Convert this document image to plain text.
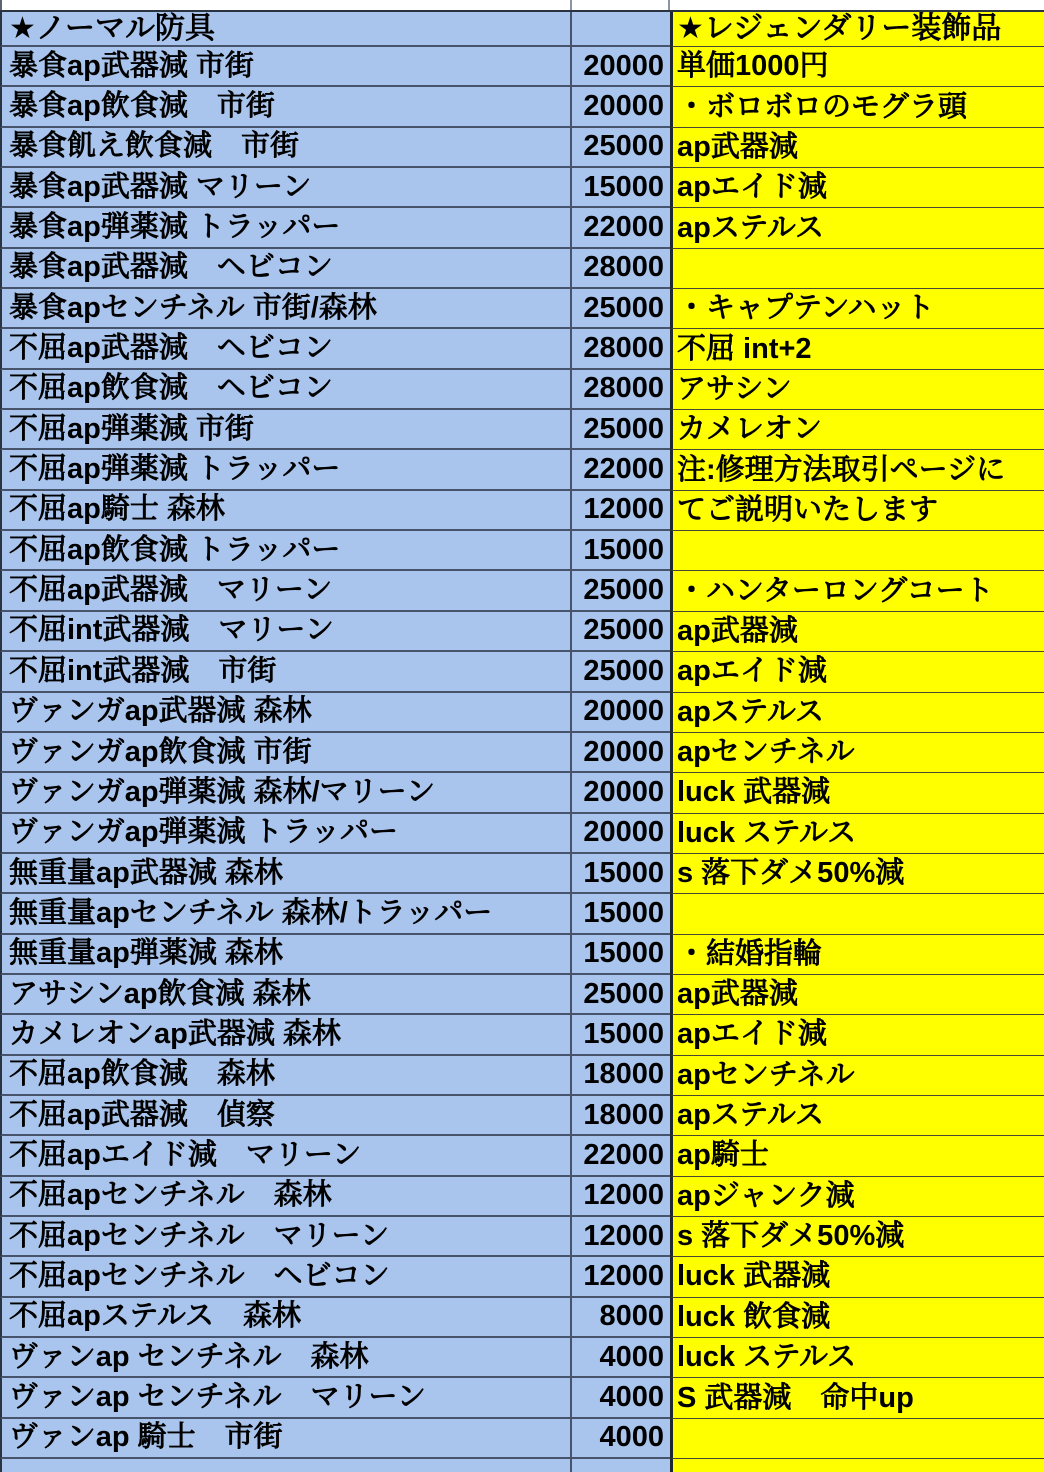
★ノーマル防具	★レジェンダリー装飾品
暴食ap武器減 市街	20000 単価1000円
暴食ap飲食減　市街	20000 ・ボロボロのモグラ頭
暴食飢え飲食減　市街	25000 ap武器減
暴食ap武器減 マリーン	15000 apエイド減
暴食ap弾薬減 トラッパー	22000 apステルス
暴食ap武器減　ヘビコン	28000
暴食apセンチネル 市街/森林	25000 ・キャプテンハット
不屈ap武器減　ヘビコン	28000 不屈 int+2
不屈ap飲食減　ヘビコン	28000 アサシン
不屈ap弾薬減 市街	25000 カメレオン
不屈ap弾薬減 トラッパー	22000 注:修理方法取引ページに
不屈ap騎士 森林	12000 てご説明いたします
不屈ap飲食減 トラッパー	15000
不屈ap武器減　マリーン	25000 ・ハンターロングコート
不屈int武器減　マリーン	25000 ap武器減
不屈int武器減　市街	25000 apエイド減
ヴァンガap武器減 森林	20000 apステルス
ヴァンガap飲食減 市街	20000 apセンチネル
ヴァンガap弾薬減 森林/マリーン	20000 luck 武器減
ヴァンガap弾薬減 トラッパー	20000 luck ステルス
無重量ap武器減 森林	15000 s 落下ダメ50%減
無重量apセンチネル 森林/トラッパー	15000
無重量ap弾薬減 森林	15000 ・結婚指輪
アサシンap飲食減 森林	25000 ap武器減
カメレオンap武器減 森林	15000 apエイド減
不屈ap飲食減　森林	18000 apセンチネル
不屈ap武器減　偵察	18000 apステルス
不屈apエイド減　マリーン	22000 ap騎士
不屈apセンチネル　森林	12000 apジャンク減
不屈apセンチネル　マリーン	12000 s 落下ダメ50%減
不屈apセンチネル　ヘビコン	12000 luck 武器減
不屈apステルス　森林	8000 luck 飲食減
ヴァンap センチネル　森林	4000 luck ステルス
ヴァンap センチネル　マリーン	4000 S 武器減　命中up
ヴァンap 騎士　市街	4000
